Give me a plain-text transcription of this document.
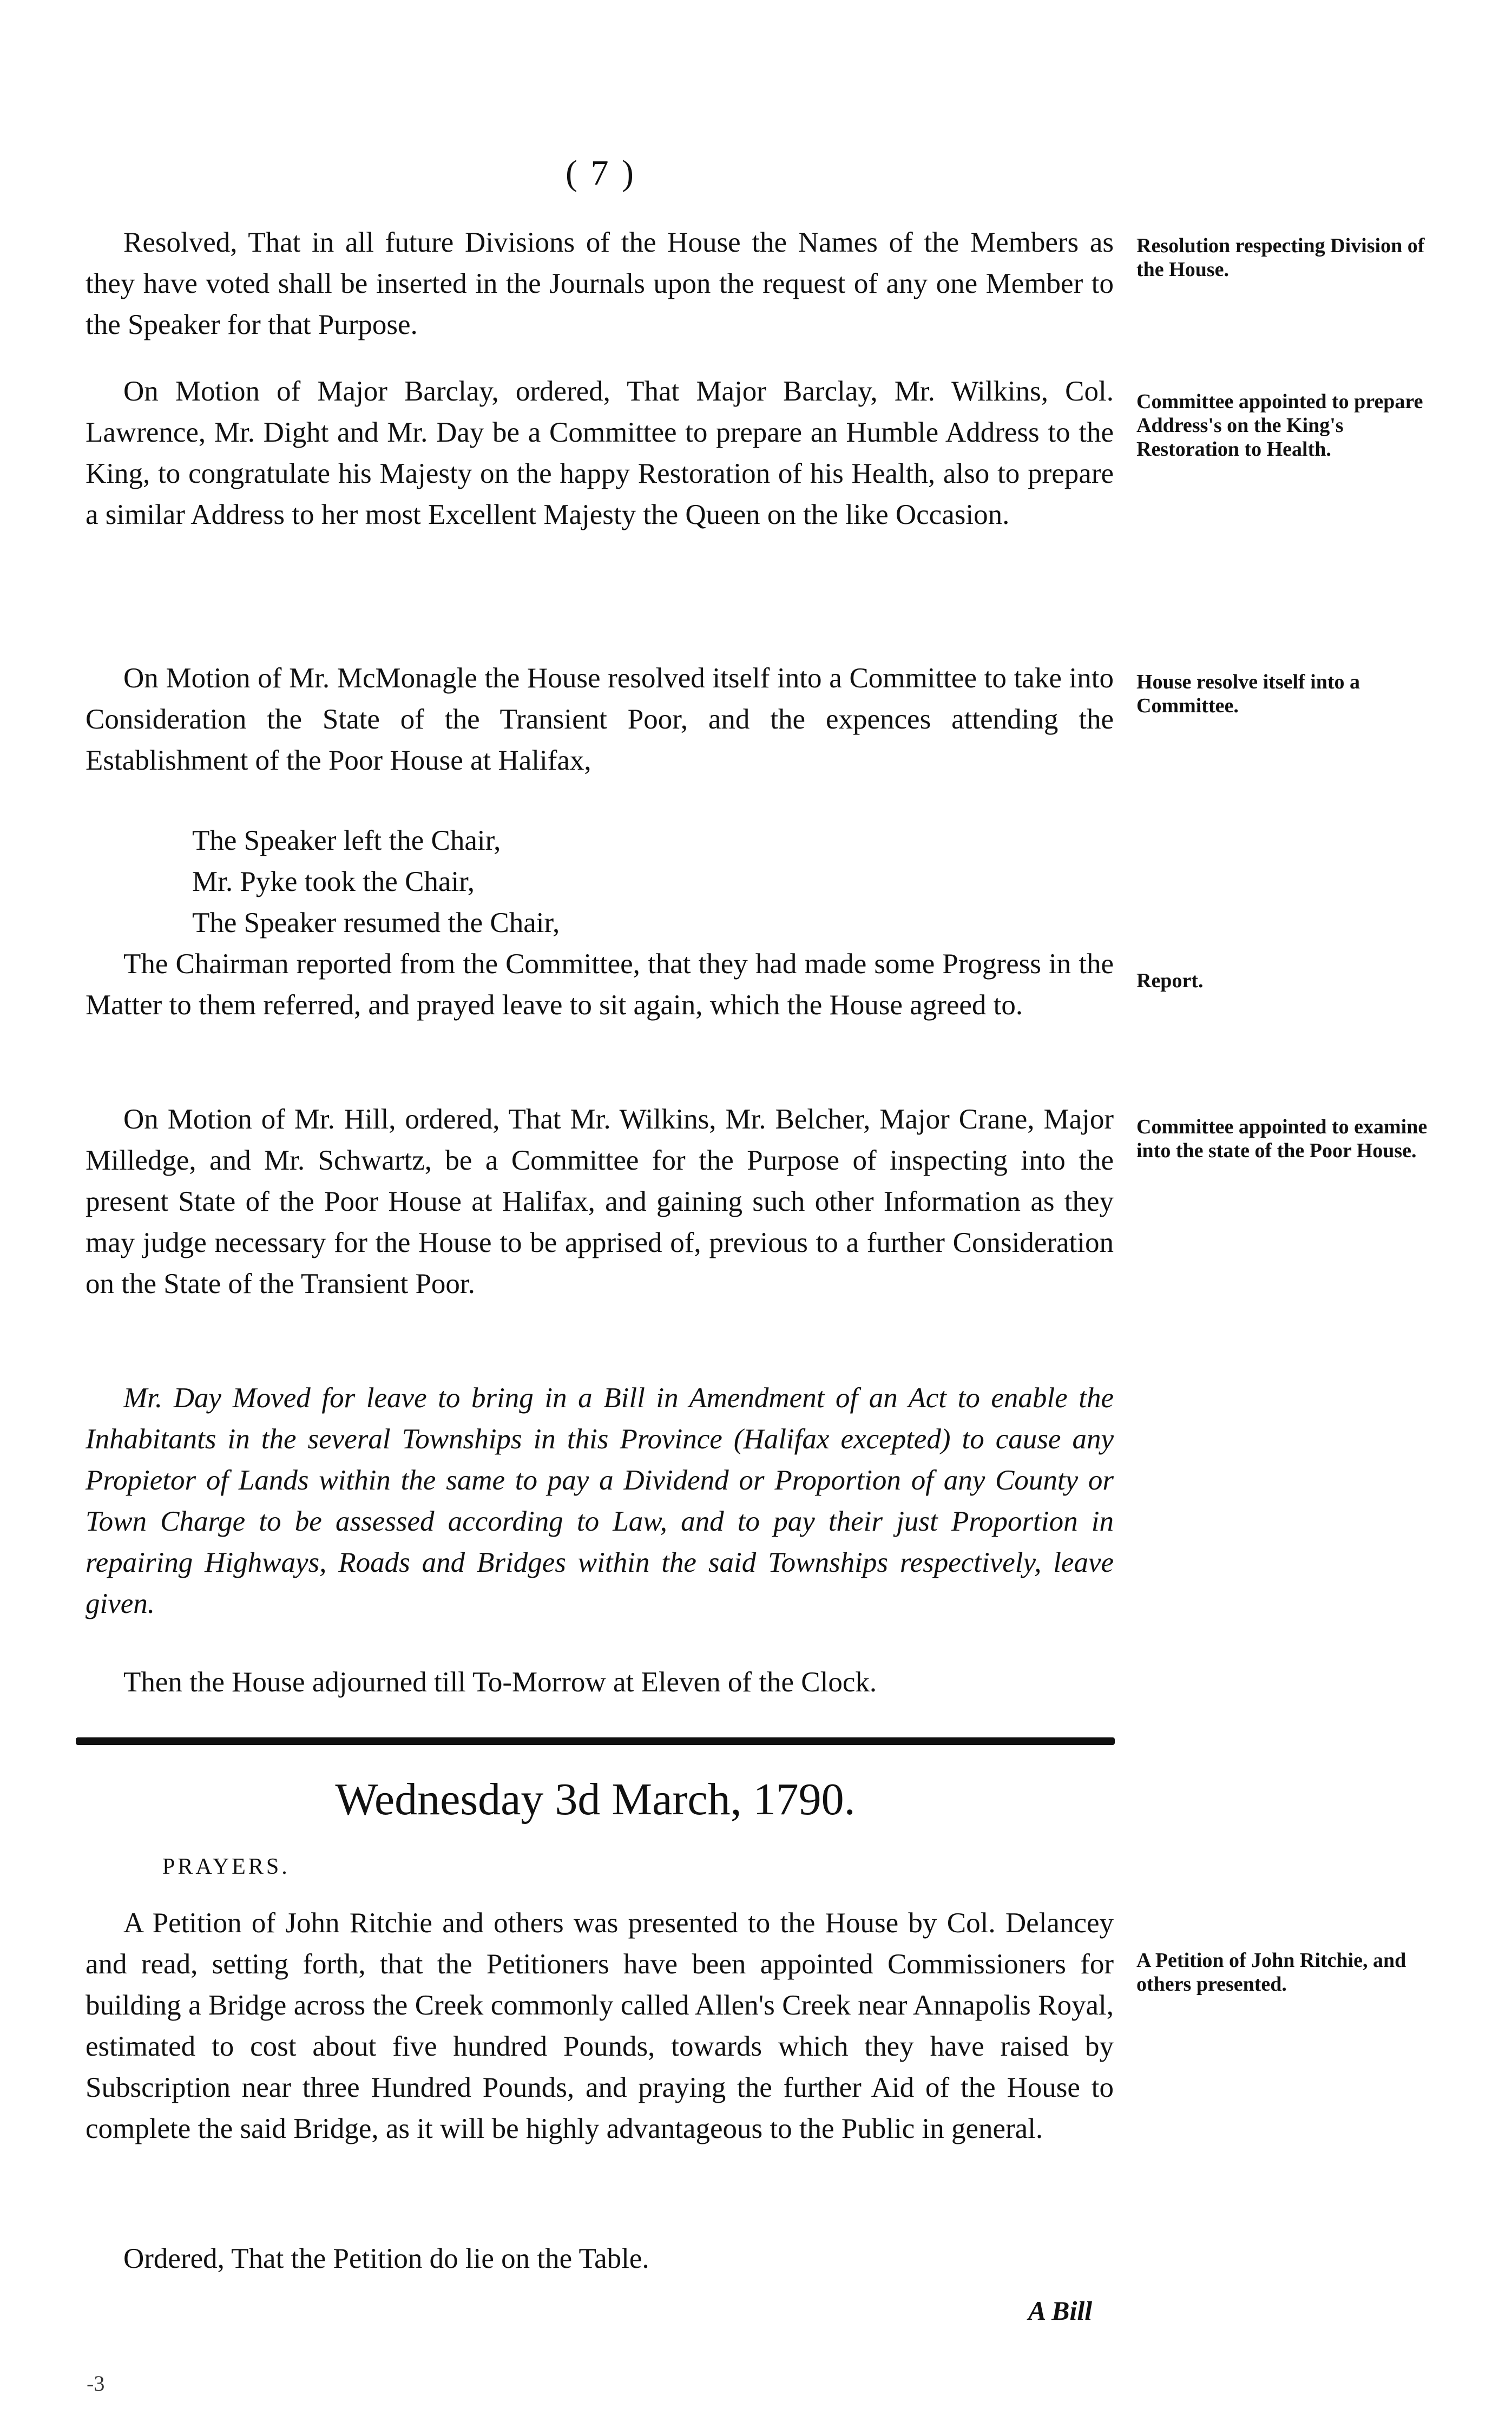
( 7 )

Resolved, That in all future Divisions of the House the Names of the Members as they have voted shall be inserted in the Journals upon the request of any one Member to the Speaker for that Purpose.

Resolution respecting Division of the House.

On Motion of Major Barclay, ordered, That Major Barclay, Mr. Wilkins, Col. Lawrence, Mr. Dight and Mr. Day be a Committee to prepare an Humble Address to the King, to congratulate his Majesty on the happy Restoration of his Health, also to prepare a similar Address to her most Excellent Majesty the Queen on the like Occasion.

Committee appointed to prepare Address's on the King's Restoration to Health.

On Motion of Mr. McMonagle the House resolved itself into a Committee to take into Consideration the State of the Transient Poor, and the expences attending the Establishment of the Poor House at Halifax,

House resolve itself into a Committee.

The Speaker left the Chair,

Mr. Pyke took the Chair,

The Speaker resumed the Chair,

The Chairman reported from the Committee, that they had made some Progress in the Matter to them referred, and prayed leave to sit again, which the House agreed to.

Report.

On Motion of Mr. Hill, ordered, That Mr. Wilkins, Mr. Belcher, Major Crane, Major Milledge, and Mr. Schwartz, be a Committee for the Purpose of inspecting into the present State of the Poor House at Halifax, and gaining such other Information as they may judge necessary for the House to be apprised of, previous to a further Consideration on the State of the Transient Poor.

Committee appointed to examine into the state of the Poor House.

Mr. Day Moved for leave to bring in a Bill in Amendment of an Act to enable the Inhabitants in the several Townships in this Province (Halifax excepted) to cause any Propietor of Lands within the same to pay a Dividend or Proportion of any County or Town Charge to be assessed according to Law, and to pay their just Proportion in repairing Highways, Roads and Bridges within the said Townships respectively, leave given.

Then the House adjourned till To-Morrow at Eleven of the Clock.

Wednesday 3d March, 1790.

PRAYERS.

A Petition of John Ritchie and others was presented to the House by Col. Delancey and read, setting forth, that the Petitioners have been appointed Commissioners for building a Bridge across the Creek commonly called Allen's Creek near Annapolis Royal, estimated to cost about five hundred Pounds, towards which they have raised by Subscription near three Hundred Pounds, and praying the further Aid of the House to complete the said Bridge, as it will be highly advantageous to the Public in general.

A Petition of John Ritchie, and others presented.

Ordered, That the Petition do lie on the Table.

A Bill
-3
